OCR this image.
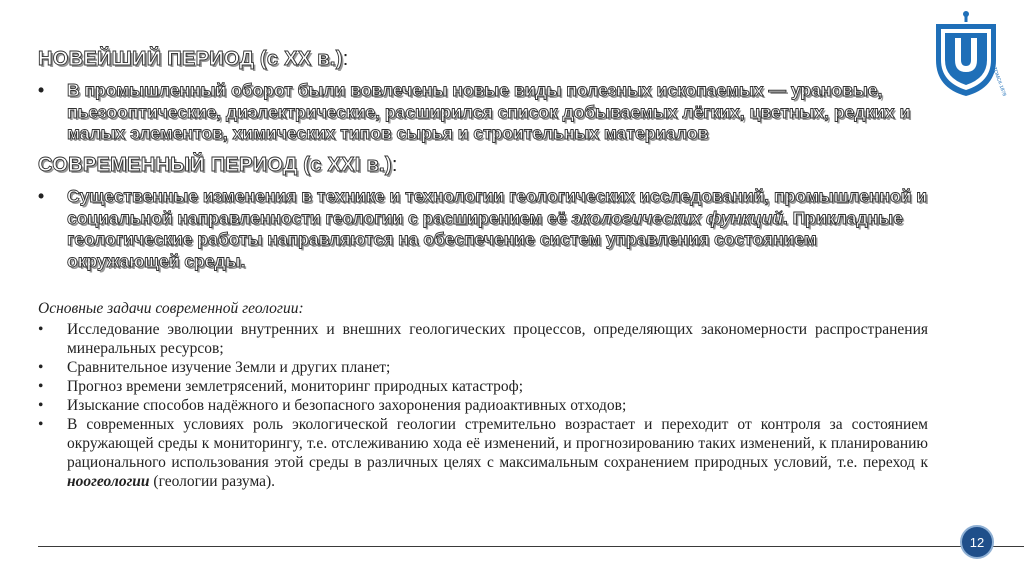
ТОМСК·1878
НОВЕЙШИЙ ПЕРИОД (с ХХ в.):
• В промышленный оборот были вовлечены новые виды полезных ископаемых — урановые, пьезооптические, диэлектрические, расширился список добываемых лёгких, цветных, редких и малых элементов, химических типов сырья и строительных материалов
СОВРЕМЕННЫЙ ПЕРИОД (с ХХI в.):
• Существенные изменения в технике и технологии геологических исследований, промышленной и социальной направленности геологии с расширением её экологических функций. Прикладные геологические работы направляются на обеспечение систем управления состоянием окружающей среды.
Основные задачи современной геологии:
• Исследование эволюции внутренних и внешних геологических процессов, определяющих закономерности распространения минеральных ресурсов;
• Сравнительное изучение Земли и других планет;
• Прогноз времени землетрясений, мониторинг природных катастроф;
• Изыскание способов надёжного и безопасного захоронения радиоактивных отходов;
• В современных условиях роль экологической геологии стремительно возрастает и переходит от контроля за состоянием окружающей среды к мониторингу, т.е. отслеживанию хода её изменений, и прогнозированию таких изменений, к планированию рационального использования этой среды в различных целях с максимальным сохранением природных условий, т.е. переход к ноогеологии (геологии разума).
12
